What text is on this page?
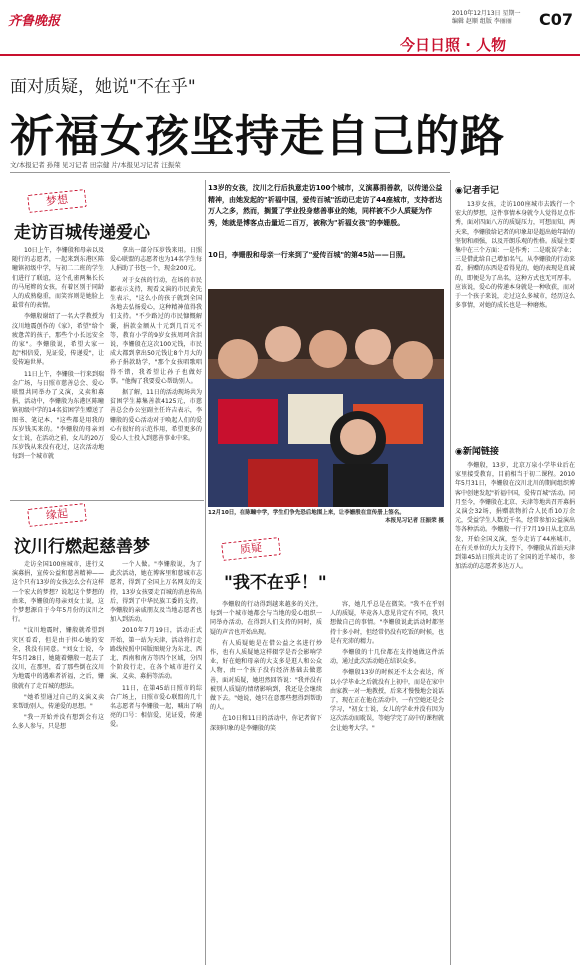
齐鲁晚报
2010年12月13日 星期一
编辑 赵顺 组版 李丽丽	C07
今日日照 · 人物
面对质疑，她说"不在乎"
祈福女孩坚持走自己的路
文/本报记者 孙翔 见习记者 田宗健 片/本报见习记者 汪振荣
13岁的女孩，汶川之行后执意走访100个城市，义演募捐善款，以传递公益精神，由她发起的"祈福中国，爱传百城"活动已走访了44座城市，支持者达万人之多，然而，搁置了学业投身慈善事业的她，同样被不少人质疑为作秀，她就是博客点击量近二百万，被称为"祈福女孩"的李姗殷。
10日，李姗殷和母亲一行来到了"爱传百城"的第45站——日照。
12月10日，在陈疃中学，学生们争先恐后地围上来，让李姗殷在宣传册上签名。
本报见习记者 汪振荣 摄
梦想
走访百城传递爱心

10日上午，李姗殷和母亲以及随行的志愿者，一起来到东港区陈疃镇初级中学，与初二二班的学生们进行了联谊，这个孔雀两集长长的马尾辫的女孩，有着区别于同龄人的成熟稳重，而笑容则是她脸上最常有的表情。

李姗殷谢绍了一名大学教授为汶川地震创作的《家》，希望"给个疲惫苦的孩子，那些个小长远安全的家"。李姗殷说，希望大家一起"相信爱，见证爱，传递爱"，让爱传遍世界。

11日上午，李姗殷一行来到瑞金广场，与日照市慈善总会、爱心联盟共同举办了义演，义卖和募捐，活动中，李姗殷为东港区陈疃镇初级中学的14名贫困学生赠送了图书、笔记本、"这些都是用我的压岁钱买来的。"李姗殷的母亲刘女士说，在活动之前，女儿的20万压岁钱从来没有花过，这次活动地每到一个城市就

拿出一部分压岁钱来用。日照爱心联盟的志愿者也为14名学生每人捐助了书包一个，现金200元。

对于女孩的行动，在场的市民都表示支持，现看义演的市民黄先生表示，"这么小的孩子就到全国各地去弘扬爱心，这种精神值得我们支持。"不少路过的市民慷慨解囊，捐款金额从十元到几百元不等，教育小学的9岁女孩周珂含泪说，李姗殷在这次100元钱，市民成大都到拿出50元钱让8个月大的孙子捐款助学，"那个女孩唱歌唱得不错，我希望让孙子也做好事。"他掏了我要爱心帮助别人。

据了解，11日的活动现场共为贫困学生募集善款4125元，市慈善总会办公室副主任许吉表示，李姗殷的爱心活动对于唤起人们的爱心有很好的示范作用，希望更多的爱心人士投入到慈善事业中来。

缘起
汶川行燃起慈善梦

走访全国100座城市，进行义演募捐，宣传公益和慈善精神——这个只有13岁的女孩怎么会有这样一个宏大的梦想？说起这个梦想的由来，李姗殷的母亲刘女士说，这个梦想源自于今年5月份的汶川之行。

"汶川地震时，姗殷就希望到灾区看看，但是由于担心她的安全，我没有同意。"刘女士说，今年5月28日，她随着姗殷一起去了汶川，在那里，看了那些倒在汶川为地震中的遇难者祈福，之后，姗殷就有了走百城的想法。

"她希望通过自己的义演义卖来帮助别人，传递爱的思想。"

"我一开始并没有想到会有这么多人参与，只是想

一个人做。"李姗殷说，为了此次活动，她在博客里和慈城市志愿者，得到了全国上万名网友的支持，13岁女孩要走百城的消息传出后，得到了中华民族工委的支持，李姗殷的亲戚朋友及当地志愿者也加入到活动。

2010年7月19日，活动正式开始，第一站为天津，活动将打走路线按照中国版图规分为东北、西北、西南和南方等四个区域，分四个阶段行走，在各个城市进行义演、义卖、募捐等活动。

11日，在第45站日照市的综合广场上，日照市爱心联盟的几十名志愿者与李姗殷一起，喊出了响亮的口号：相信爱，见证爱，传递爱。

质疑
"我不在乎！"

李姗殷的行动得到越来越多的关注，每到一个城市她都会与当地的爱心组织一同举办活动，在得到人们支持的同时，质疑的声音也开始出现。

有人质疑她是在借公益之名进行炒作，也有人质疑她这样辍学是否会影响学业，好在她和母亲的大支多是逛人和公众人物，由一个孩子没有经济基础去做慈善，面对质疑，她坦然回答说："我并没有被别人质疑的情绪影响到，我还是会继续做下去。"她说，她只在意那些想得到帮助的人。

在10日和11日的活动中，你记者留下深刻印象的是李姗殷的笑

容，她几乎总是在微笑。"我不在乎别人的质疑，毕竟各人意见肯定有不同，我只想做自己的事情。"李姗殷说此活动时都坚持十多小时，但经常仍没有吃饭的时候，也是有充沛的精力。

李姗殷的十几位都在支持她做这件活动，通过此次活动她在结识众多。

李姗殷13岁的时候还不太会表达，所以小学毕业之后就没有上初中，而是在家中由家教一对一地教授，后来才慢慢地会说话了，现在正在他在活动中，一有空她还是会学习，"初女士说，女儿的学业并没有因为这次活动而耽误，等她学完了高中的课程就会让她考大学。"

◉记者手记

13岁女孩，走访100座城市去践行一个宏大的梦想，这件事情本身就令人觉得足点作秀，面对四面八方的质疑压力，可想而知，两天来，李姗殷给记者的印象却是超出她年龄的坚韧和顽强，以及开朗乐观的性格。质疑主要集中在三个方面：一是作秀；二是耽误学业；三是借此给自己增加名气。从李姗殷的行动来看，捐赠的东西是看得见的，她的表现是真诚的，即便是为了出名，这种方式也无可厚非。应该说，爱心的传递本身就是一种收获，而对于一个孩子来说，走过这么多城市，经历这么多事情，对她的成长也是一种磨炼。

◉新闻链接

李姗殷，13岁，北京万泉小学毕业后在家里接受教育，目前相当于初二课程。2010年5月31日，李姗殷在汶川北川的期间组织博客中创建发起"祈福中国，爱传百城"活动。同月至今，李姗殷在北京、天津等地共召开募捐义演会32场，捐赠款物折合人民币10万余元，受益学生人数近千名，经常参加公益演出等各种活动。李姗殷一行于7月19日从北京出发，开始全国义演，至今走访了44座城市，在有关单位的大力支持下，李姗殷从首站天津到第45站日照共走访了全国的近半城市，参加活动的志愿者多达万人。
